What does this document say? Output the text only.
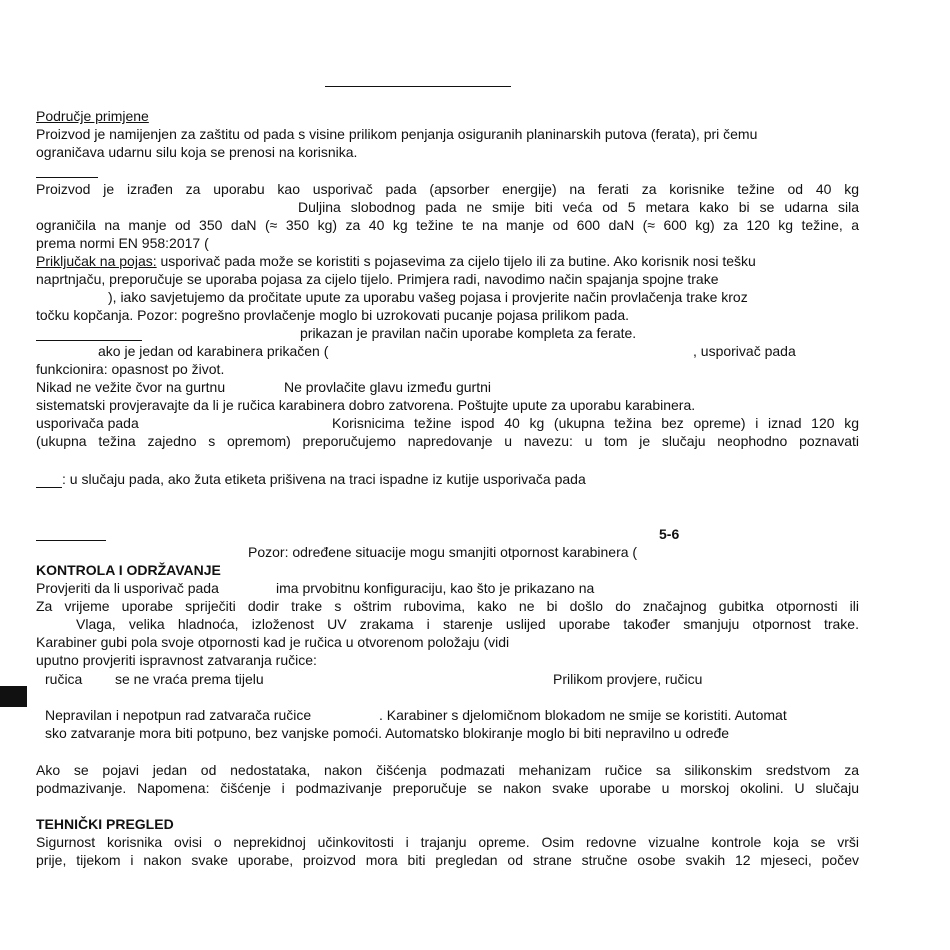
Područje primjene
Proizvod je namijenjen za zaštitu od pada s visine prilikom penjanja osiguranih planinarskih putova (ferata), pri čemu
ograničava udarnu silu koja se prenosi na korisnika.
Proizvod je izrađen za uporabu kao usporivač pada (apsorber energije) na ferati za korisnike težine od 40 kg
Duljina slobodnog pada ne smije biti veća od 5 metara kako bi se udarna sila
ograničila na manje od 350 daN (≈ 350 kg) za 40 kg težine te na manje od 600 daN (≈ 600 kg) za 120 kg težine, a
prema normi EN 958:2017 (
Priključak na pojas: usporivač pada može se koristiti s pojasevima za cijelo tijelo ili za butine. Ako korisnik nosi tešku
naprtnjaču, preporučuje se uporaba pojasa za cijelo tijelo. Primjera radi, navodimo način spajanja spojne trake
), iako savjetujemo da pročitate upute za uporabu vašeg pojasa i provjerite način provlačenja trake kroz
točku kopčanja. Pozor: pogrešno provlačenje moglo bi uzrokovati pucanje pojasa prilikom pada.
prikazan je pravilan način uporabe kompleta za ferate.
ako je jedan od karabinera prikačen (	, usporivač pada
funkcionira: opasnost po život.
Nikad ne vežite čvor na gurtnu	Ne provlačite glavu između gurtni
sistematski provjeravajte da li je ručica karabinera dobro zatvorena. Poštujte upute za uporabu karabinera.
usporivača pada	Korisnicima težine ispod 40 kg (ukupna težina bez opreme) i iznad 120 kg
(ukupna težina zajedno s opremom) preporučujemo napredovanje u navezu: u tom je slučaju neophodno poznavati
: u slučaju pada, ako žuta etiketa prišivena na traci ispadne iz kutije usporivača pada
5-6
Pozor: određene situacije mogu smanjiti otpornost karabinera (
KONTROLA I ODRŽAVANJE
Provjeriti da li usporivač pada	ima prvobitnu konfiguraciju, kao što je prikazano na
Za vrijeme uporabe spriječiti dodir trake s oštrim rubovima, kako ne bi došlo do značajnog gubitka otpornosti ili
Vlaga, velika hladnoća, izloženost UV zrakama i starenje uslijed uporabe također smanjuju otpornost trake.
Karabiner gubi pola svoje otpornosti kad je ručica u otvorenom položaju (vidi
uputno provjeriti ispravnost zatvaranja ručice:
ručica se ne vraća prema tijelu	Prilikom provjere, ručicu
Nepravilan i nepotpun rad zatvarača ručice	. Karabiner s djelomičnom blokadom ne smije se koristiti. Automat
sko zatvaranje mora biti potpuno, bez vanjske pomoći. Automatsko blokiranje moglo bi biti nepravilno u određe
Ako se pojavi jedan od nedostataka, nakon čišćenja podmazati mehanizam ručice sa silikonskim sredstvom za
podmazivanje. Napomena: čišćenje i podmazivanje preporučuje se nakon svake uporabe u morskoj okolini. U slučaju
TEHNIČKI PREGLED
Sigurnost korisnika ovisi o neprekidnoj učinkovitosti i trajanju opreme. Osim redovne vizualne kontrole koja se vrši
prije, tijekom i nakon svake uporabe, proizvod mora biti pregledan od strane stručne osobe svakih 12 mjeseci, počev
